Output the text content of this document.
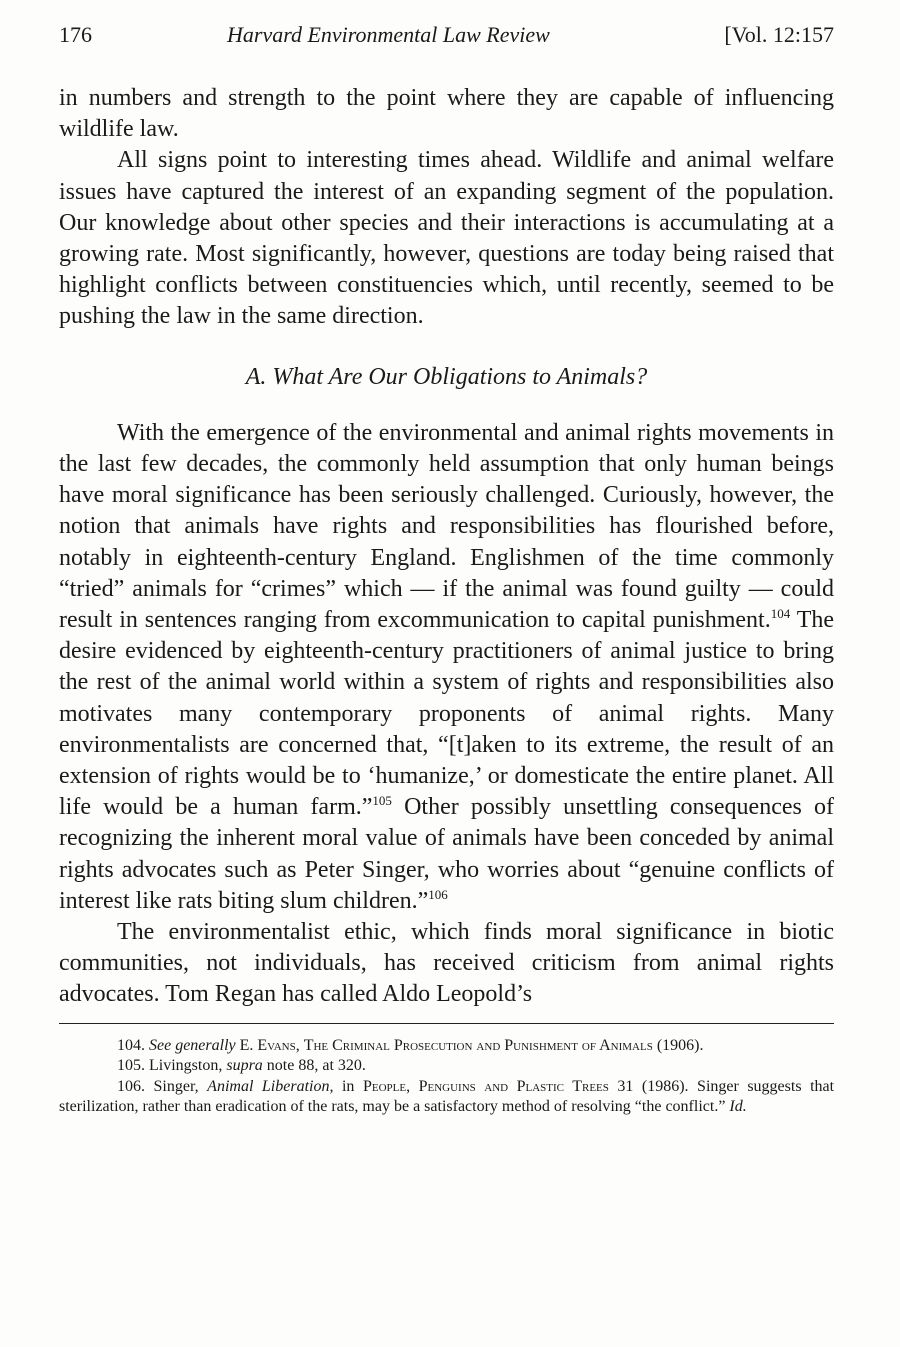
176	Harvard Environmental Law Review	[Vol. 12:157

in numbers and strength to the point where they are capable of influencing wildlife law.

All signs point to interesting times ahead. Wildlife and animal welfare issues have captured the interest of an expanding segment of the population. Our knowledge about other species and their interactions is accumulating at a growing rate. Most significantly, however, questions are today being raised that highlight conflicts between constituencies which, until recently, seemed to be pushing the law in the same direction.

A. What Are Our Obligations to Animals?

With the emergence of the environmental and animal rights movements in the last few decades, the commonly held assumption that only human beings have moral significance has been seriously challenged. Curiously, however, the notion that animals have rights and responsibilities has flourished before, notably in eighteenth-century England. Englishmen of the time commonly “tried” animals for “crimes” which — if the animal was found guilty — could result in sentences ranging from excommunication to capital punishment.$^{104}$ The desire evidenced by eighteenth-century practitioners of animal justice to bring the rest of the animal world within a system of rights and responsibilities also motivates many contemporary proponents of animal rights. Many environmentalists are concerned that, “[t]aken to its extreme, the result of an extension of rights would be to ‘humanize,’ or domesticate the entire planet. All life would be a human farm.”$^{105}$ Other possibly unsettling consequences of recognizing the inherent moral value of animals have been conceded by animal rights advocates such as Peter Singer, who worries about “genuine conflicts of interest like rats biting slum children.”$^{106}$

The environmentalist ethic, which finds moral significance in biotic communities, not individuals, has received criticism from animal rights advocates. Tom Regan has called Aldo Leopold’s

104. See generally E. Evans, The Criminal Prosecution and Punishment of Animals (1906).

105. Livingston, supra note 88, at 320.

106. Singer, Animal Liberation, in People, Penguins and Plastic Trees 31 (1986). Singer suggests that sterilization, rather than eradication of the rats, may be a satisfactory method of resolving “the conflict.” Id.
